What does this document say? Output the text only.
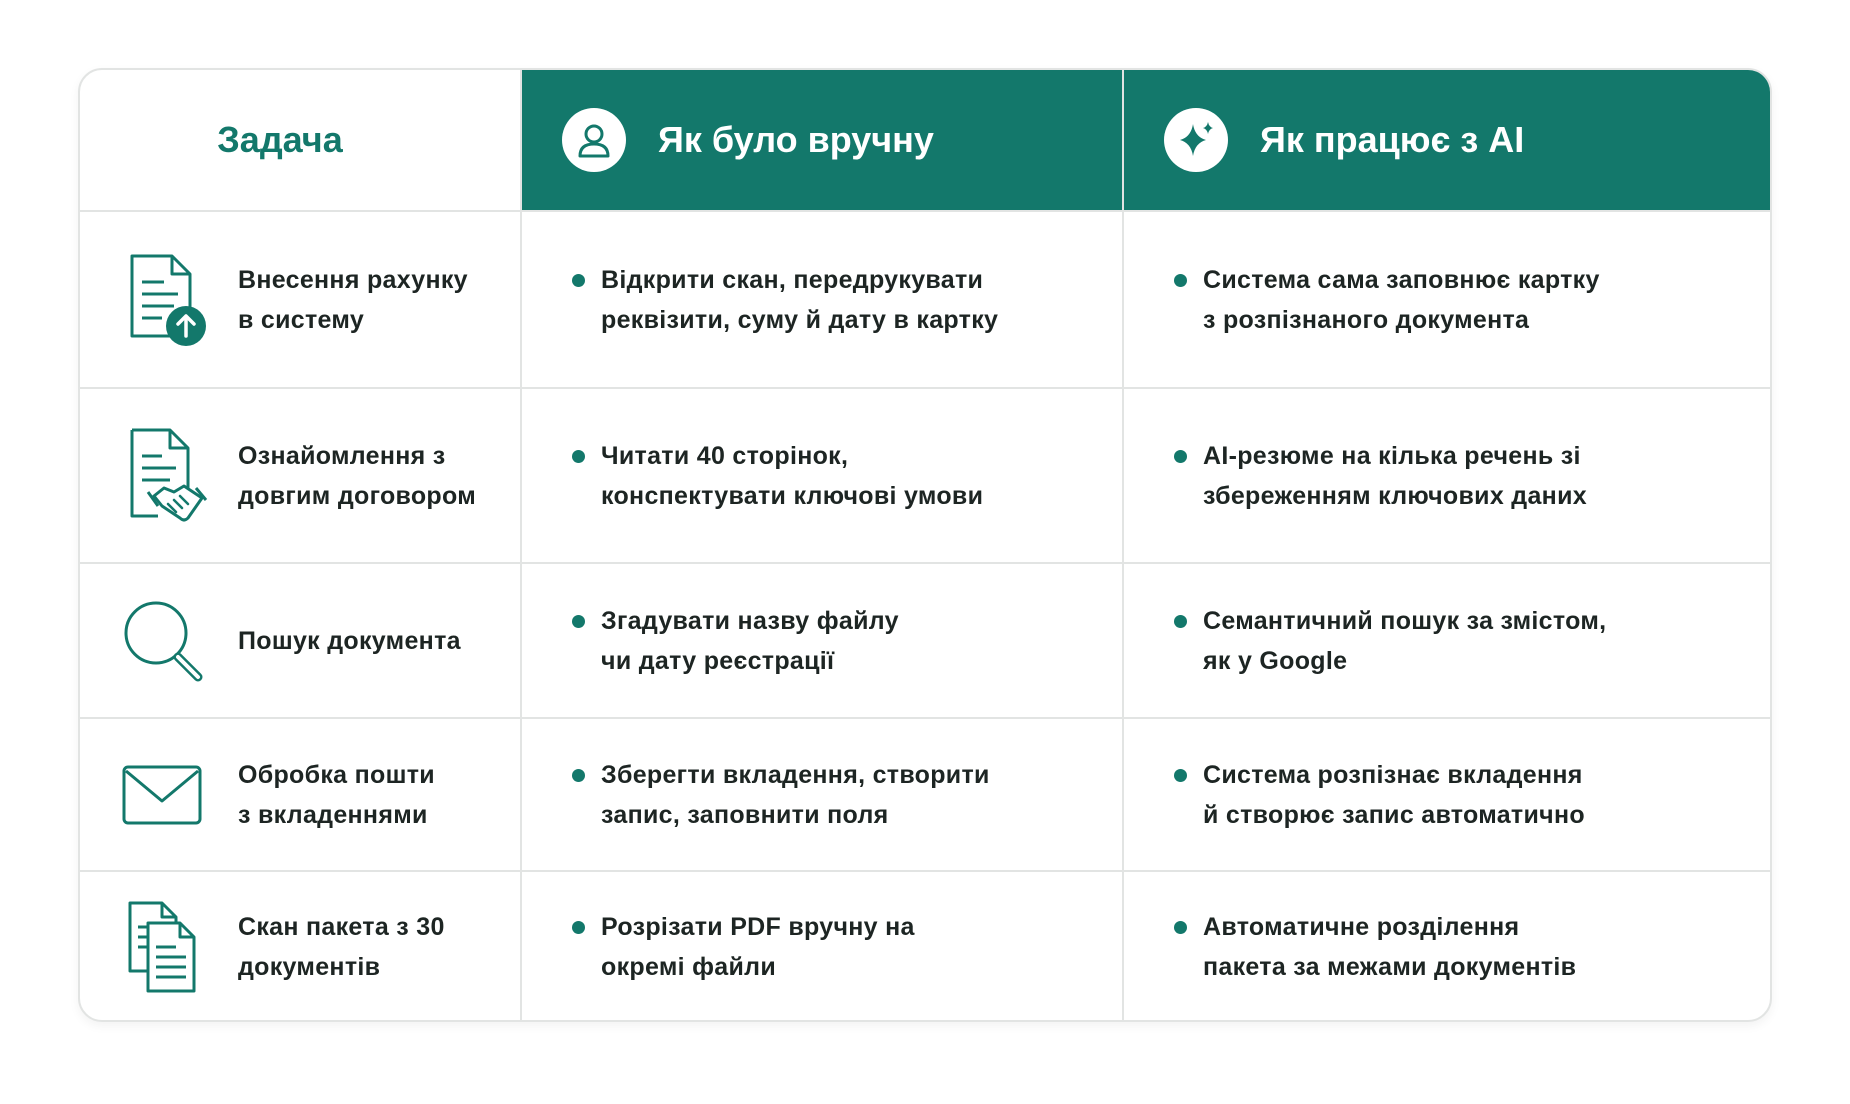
Задача	Як було вручну	Як працює з AI
Внесення рахунку
в систему
Відкрити скан, передрукувати
реквізити, суму й дату в картку
Система сама заповнює картку
з розпізнаного документа
Ознайомлення з
довгим договором
Читати 40 сторінок,
конспектувати ключові умови
AI-резюме на кілька речень зі
збереженням ключових даних
Пошук документа
Згадувати назву файлу
чи дату реєстрації
Семантичний пошук за змістом,
як у Google
Обробка пошти
з вкладеннями
Зберегти вкладення, створити
запис, заповнити поля
Система розпізнає вкладення
й створює запис автоматично
Скан пакета з 30
документів
Розрізати PDF вручну на
окремі файли
Автоматичне розділення
пакета за межами документів
